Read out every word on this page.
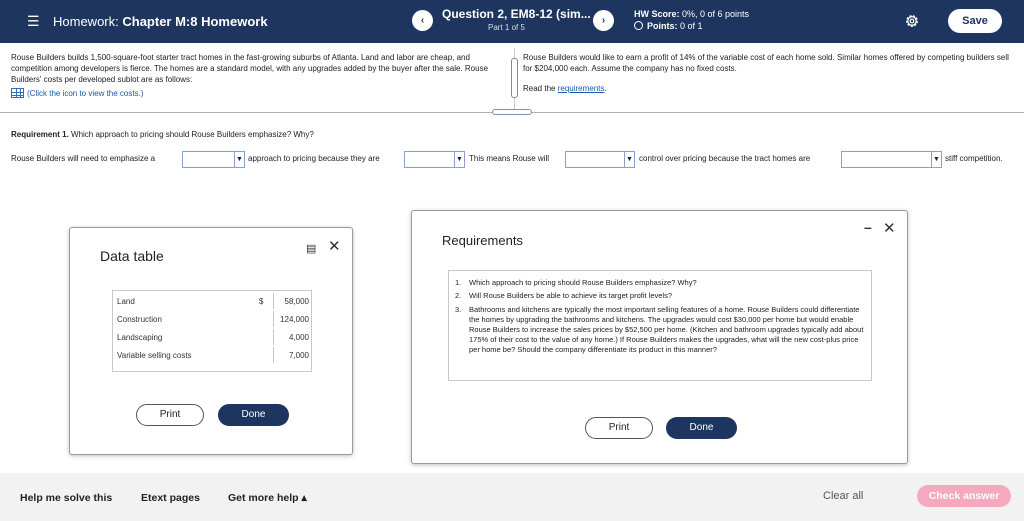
☰ Homework: Chapter M:8 Homework	‹	Question 2, EM8-12 (sim...
Part 1 of 5
›
HW Score: 0%, 0 of 6 points
Points: 0 of 1	Save
Rouse Builders builds 1,500-square-foot starter tract homes in the fast-growing suburbs of Atlanta. Land and labor are cheap, and competition among developers is fierce. The homes are a standard model, with any upgrades added by the buyer after the sale. Rouse Builders' costs per developed sublot are as follows:
(Click the icon to view the costs.)
Rouse Builders would like to earn a profit of 14% of the variable cost of each home sold. Similar homes offered by competing builders sell for $204,000 each. Assume the company has no fixed costs.
Read the requirements.
Requirement 1. Which approach to pricing should Rouse Builders emphasize? Why?
Rouse Builders will need to emphasize a	▼ approach to pricing because they are	▼ This means Rouse will	▼ control over pricing because the tract homes are	▼ stiff competition.
Data table	▤ ✕
Land	$	58,000
Construction	124,000
Landscaping	4,000
Variable selling costs	7,000
Print	Done
Requirements
– ✕
1. Which approach to pricing should Rouse Builders emphasize? Why?
2. Will Rouse Builders be able to achieve its target profit levels?
3. Bathrooms and kitchens are typically the most important selling features of a home. Rouse Builders could differentiate the homes by upgrading the bathrooms and kitchens. The upgrades would cost $30,000 per home but would enable Rouse Builders to increase the sales prices by $52,500 per home. (Kitchen and bathroom upgrades typically add about 175% of their cost to the value of any home.) If Rouse Builders makes the upgrades, what will the new cost-plus price per home be? Should the company differentiate its product in this manner?
Print	Done
Help me solve this	Etext pages	Get more help ▴	Clear all	Check answer
